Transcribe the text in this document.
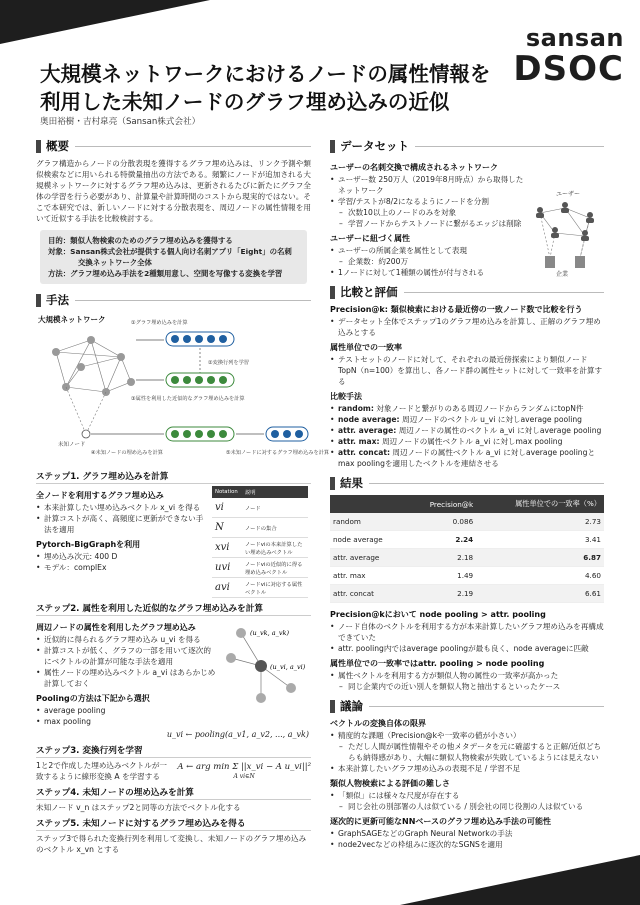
sansan
DSOC
大規模ネットワークにおけるノードの属性情報を利用した未知ノードのグラフ埋め込みの近似
奥田裕樹・吉村皐亮（Sansan株式会社）
概要

グラフ構造からノードの分散表現を獲得するグラフ埋め込みは、リンク予測や類似検索などに用いられる特徴量抽出の方法である。頻繁にノードが追加される大規模ネットワークに対するグラフ埋め込みは、更新されるたびに新たにグラフ全体の学習を行う必要があり、計算量や計算時間のコストから現実的ではない。そこで本研究では、新しいノードに対する分散表現を、周辺ノードの属性情報を用いて近似する手法を比較検討する。

目的：類似人物検索のためのグラフ埋め込みを獲得する

対象：Sansan株式会社が提供する個人向け名刺アプリ「Eight」の名刺交換ネットワーク全体

方法：グラフ埋め込み手法を2種類用意し、空間を写像する変換を学習

手法
大規模ネットワーク
未知ノード
①グラフ埋め込みを計算
②変換行列を学習
③属性を利用した近似的なグラフ埋め込みを計算
④未知ノードの埋め込みを計算	⑤未知ノードに対するグラフ埋め込みを計算
ステップ1. グラフ埋め込みを計算

全ノードを利用するグラフ埋め込み

• 本来計算したい埋め込みベクトル x_vi を得る
• 計算コストが高く、高頻度に更新ができない手法を適用

Pytorch-BigGraphを利用

• 埋め込み次元: 400 D
• モデル：complEx
Notation	説明
vi	ノード
N	ノードの集合
xvi	ノードviの本来計算したい埋め込みベクトル
uvi	ノードviの近似的に得る埋め込みベクトル
avi	ノードviに対応する属性ベクトル
ステップ2. 属性を利用した近似的なグラフ埋め込みを計算

周辺ノードの属性を利用したグラフ埋め込み

• 近似的に得られるグラフ埋め込み u_vi を得る
• 計算コストが低く、グラフの一部を用いて逐次的にベクトルの計算が可能な手法を適用
• 属性ノードの埋め込みベクトル a_vi はあらかじめ計算しておく

Poolingの方法は下記から選択

• average pooling
• max pooling
(u_vk, a_vk)
(u_vi, a_vi)

u_vi ← pooling(a_v1, a_v2, ..., a_vk)

ステップ3. 変換行列を学習

1と2で作成した埋め込みベクトルが一致するように線形変換 A を学習する

A ← arg min Σ ||x_vi − A u_vi||²

A vi∈N

ステップ4. 未知ノードの埋め込みを計算

未知ノード v_n はステップ2と同等の方法でベクトル化する

ステップ5. 未知ノードに対するグラフ埋め込みを得る

ステップ3で得られた変換行列を利用して変換し、未知ノードのグラフ埋め込みのベクトル x_vn とする

データセット

ユーザーの名刺交換で構成されるネットワーク

• ユーザー数 250万人（2019年8月時点）から取得したネットワーク
• 学習/テストが8/2になるようにノードを分割
– 次数10以上のノードのみを対象
– 学習ノードからテストノードに繋がるエッジは削除

ユーザーに紐づく属性

• ユーザーの所属企業を属性として表現
– 企業数：約200万
• 1ノードに対して1種類の属性が付与される
ユーザー
企業
比較と評価

Precision@k: 類似検索における最近傍の一致ノード数で比較を行う

• データセット全体でステップ1のグラフ埋め込みを計算し、正解のグラフ埋め込みとする

属性単位での一致率

• テストセットのノードに対して、それぞれの最近傍探索により類似ノードTopN（n=100）を算出し、各ノード群の属性セットに対して一致率を計算する

比較手法

• random: 対象ノードと繋がりのある周辺ノードからランダムにtopN件
• node average: 周辺ノードのベクトル u_vi に対しaverage pooling
• attr. average: 周辺ノードの属性のベクトル a_vi に対しaverage pooling
• attr. max: 周辺ノードの属性ベクトル a_vi に対しmax pooling
• attr. concat: 周辺ノードの属性ベクトル a_vi に対しaverage poolingとmax poolingを適用したベクトルを連結させる
結果
	Precision@k	属性単位での一致率（%）
random	0.086	2.73
node average	2.24	3.41
attr. average	2.18	6.87
attr. max	1.49	4.60
attr. concat	2.19	6.61

Precision@kにおいて node pooling > attr. pooling

• ノード自体のベクトルを利用する方が本来計算したいグラフ埋め込みを再構成できていた
• attr. pooling内ではaverage poolingが最も良く、node averageに匹敵

属性単位での一致率ではattr. pooling > node pooling

• 属性ベクトルを利用する方が類似人物の属性の一致率が高かった
– 同じ企業内での近い別人を類似人物と抽出するといったケース
議論

ベクトルの変換自体の限界

• 精度的な課題（Precision@kや一致率の値が小さい）
– ただし人間が属性情報やその他メタデータを元に確認すると正解/近似どちらも納得感があり、大幅に類似人物検索が失敗しているようには見えない
• 本来計算したいグラフ埋め込みの表現不足 / 学習不足

類似人物検索による評価の難しさ

• 「類似」には様々な尺度が存在する
– 同じ会社の別部署の人は似ている / 別会社の同じ役割の人は似ている

逐次的に更新可能なNNベースのグラフ埋め込み手法の可能性

• GraphSAGEなどのGraph Neural Networkの手法
• node2vecなどの枠組みに逐次的なSGNSを適用
